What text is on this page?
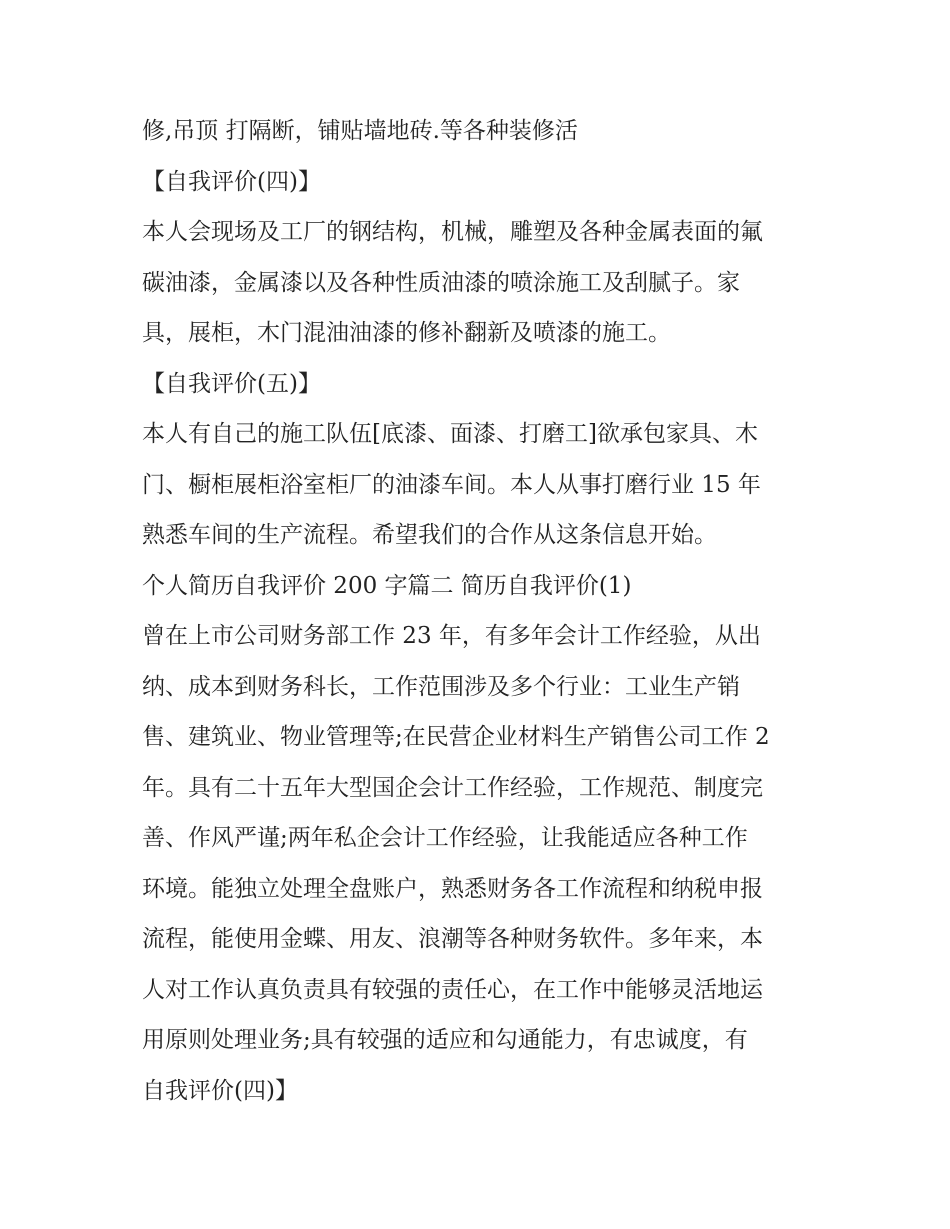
修,吊顶 打隔断，铺贴墙地砖.等各种装修活
【自我评价(四)】
本人会现场及工厂的钢结构，机械，雕塑及各种金属表面的氟
碳油漆，金属漆以及各种性质油漆的喷涂施工及刮腻子。家
具，展柜，木门混油油漆的修补翻新及喷漆的施工。
【自我评价(五)】
本人有自己的施工队伍[底漆、面漆、打磨工]欲承包家具、木
门、橱柜展柜浴室柜厂的油漆车间。本人从事打磨行业 15 年
熟悉车间的生产流程。希望我们的合作从这条信息开始。
个人简历自我评价 200 字篇二 简历自我评价(1)
曾在上市公司财务部工作 23 年，有多年会计工作经验，从出
纳、成本到财务科长，工作范围涉及多个行业：工业生产销
售、建筑业、物业管理等;在民营企业材料生产销售公司工作 2
年。具有二十五年大型国企会计工作经验，工作规范、制度完
善、作风严谨;两年私企会计工作经验，让我能适应各种工作
环境。能独立处理全盘账户，熟悉财务各工作流程和纳税申报
流程，能使用金蝶、用友、浪潮等各种财务软件。多年来，本
人对工作认真负责具有较强的责任心，在工作中能够灵活地运
用原则处理业务;具有较强的适应和勾通能力，有忠诚度，有
自我评价(四)】
